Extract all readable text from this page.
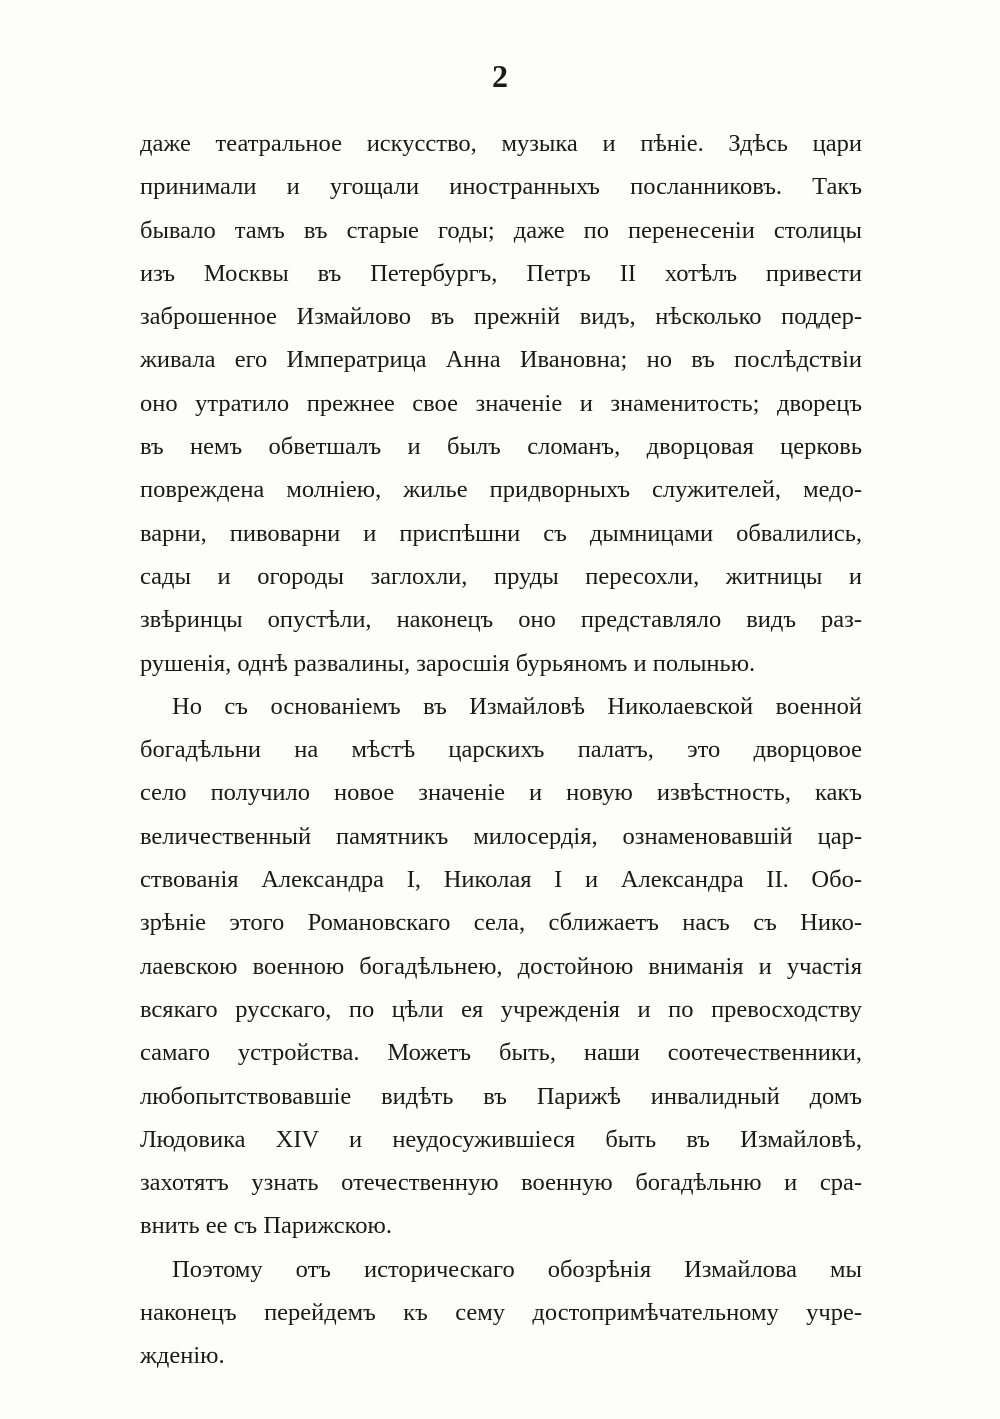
2
даже театральное искусство, музыка и пѣніе. Здѣсь цари
принимали и угощали иностранныхъ посланниковъ. Такъ
бывало тамъ въ старые годы; даже по перенесеніи столицы
изъ Москвы въ Петербургъ, Петръ II хотѣлъ привести
заброшенное Измайлово въ прежній видъ, нѣсколько поддер-
живала его Императрица Анна Ивановна; но въ послѣдствіи
оно утратило прежнее свое значеніе и знаменитость; дворецъ
въ немъ обветшалъ и былъ сломанъ, дворцовая церковь
повреждена молніею, жилье придворныхъ служителей, медо-
варни, пивоварни и приспѣшни съ дымницами обвалились,
сады и огороды заглохли, пруды пересохли, житницы и
звѣринцы опустѣли, наконецъ оно представляло видъ раз-
рушенія, однѣ развалины, заросшія бурьяномъ и полынью.
Но съ основаніемъ въ Измайловѣ Николаевской военной
богадѣльни на мѣстѣ царскихъ палатъ, это дворцовое
село получило новое значеніе и новую извѣстность, какъ
величественный памятникъ милосердія, ознаменовавшій цар-
ствованія Александра I, Николая I и Александра II. Обо-
зрѣніе этого Романовскаго села, сближаетъ насъ съ Нико-
лаевскою военною богадѣльнею, достойною вниманія и участія
всякаго русскаго, по цѣли ея учрежденія и по превосходству
самаго устройства. Можетъ быть, наши соотечественники,
любопытствовавшіе видѣть въ Парижѣ инвалидный домъ
Людовика XIV и неудосужившіеся быть въ Измайловѣ,
захотятъ узнать отечественную военную богадѣльню и сра-
внить ее съ Парижскою.
Поэтому отъ историческаго обозрѣнія Измайлова мы
наконецъ перейдемъ къ сему достопримѣчательному учре-
жденію.
